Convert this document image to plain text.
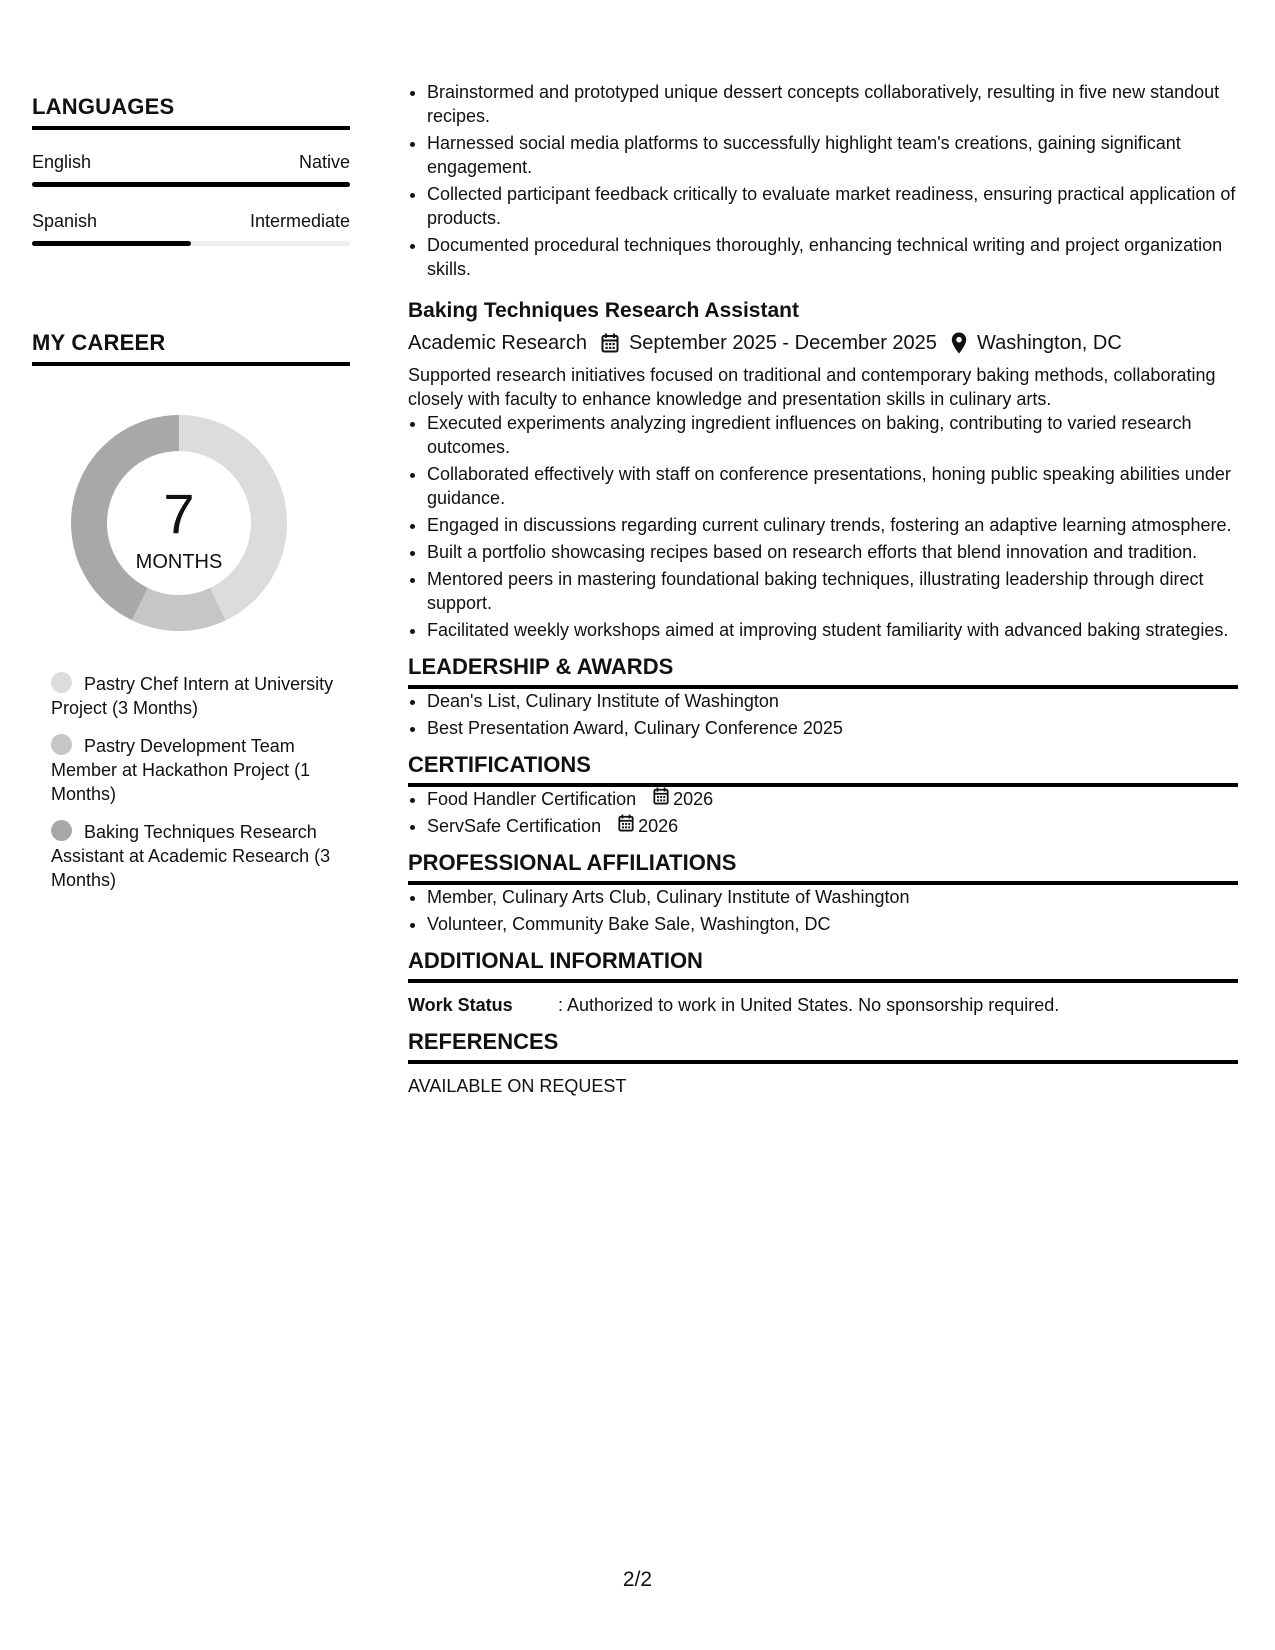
LANGUAGES
English	Native
Spanish	Intermediate
MY CAREER
7
MONTHS
Pastry Chef Intern at University Project (3 Months)
Pastry Development Team Member at Hackathon Project (1 Months)
Baking Techniques Research Assistant at Academic Research (3 Months)
• Brainstormed and prototyped unique dessert concepts collaboratively, resulting in five new standout recipes.
• Harnessed social media platforms to successfully highlight team's creations, gaining significant engagement.
• Collected participant feedback critically to evaluate market readiness, ensuring practical application of products.
• Documented procedural techniques thoroughly, enhancing technical writing and project organization skills.
Baking Techniques Research Assistant
Academic Research September 2025 - December 2025 Washington, DC
Supported research initiatives focused on traditional and contemporary baking methods, collaborating closely with faculty to enhance knowledge and presentation skills in culinary arts.
• Executed experiments analyzing ingredient influences on baking, contributing to varied research outcomes.
• Collaborated effectively with staff on conference presentations, honing public speaking abilities under guidance.
• Engaged in discussions regarding current culinary trends, fostering an adaptive learning atmosphere.
• Built a portfolio showcasing recipes based on research efforts that blend innovation and tradition.
• Mentored peers in mastering foundational baking techniques, illustrating leadership through direct support.
• Facilitated weekly workshops aimed at improving student familiarity with advanced baking strategies.
LEADERSHIP & AWARDS
• Dean's List, Culinary Institute of Washington
• Best Presentation Award, Culinary Conference 2025
CERTIFICATIONS
• Food Handler Certification 2026
• ServSafe Certification 2026
PROFESSIONAL AFFILIATIONS
• Member, Culinary Arts Club, Culinary Institute of Washington
• Volunteer, Community Bake Sale, Washington, DC
ADDITIONAL INFORMATION
Work Status	: Authorized to work in United States. No sponsorship required.
REFERENCES
AVAILABLE ON REQUEST
2/2
